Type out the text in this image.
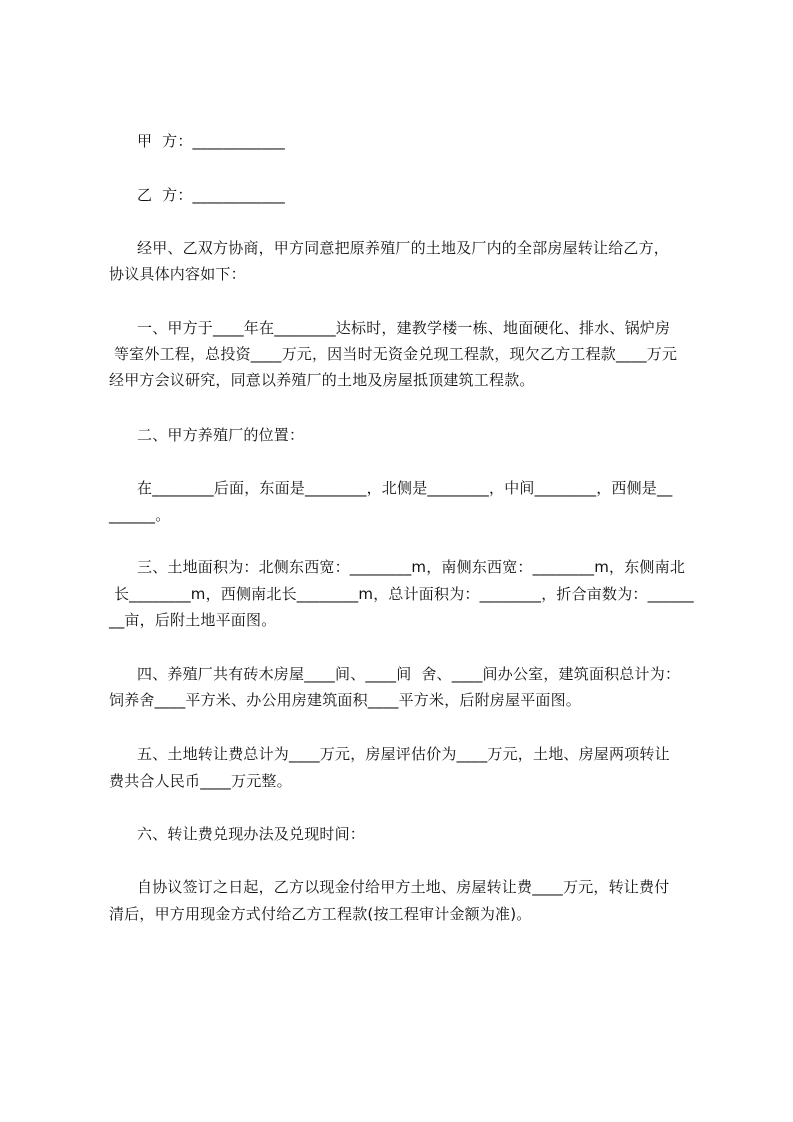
甲  方：____________
乙  方：____________
经甲、乙双方协商，甲方同意把原养殖厂的土地及厂内的全部房屋转让给乙方，
协议具体内容如下：
一、甲方于____年在________达标时，建教学楼一栋、地面硬化、排水、锅炉房
等室外工程，总投资____万元，因当时无资金兑现工程款，现欠乙方工程款____万元
经甲方会议研究，同意以养殖厂的土地及房屋抵顶建筑工程款。
二、甲方养殖厂的位置：
在________后面，东面是________，北侧是________，中间________，西侧是__
______。
三、土地面积为：北侧东西宽：________m，南侧东西宽：________m，东侧南北
长________m，西侧南北长________m，总计面积为：________，折合亩数为：______
__亩，后附土地平面图。
四、养殖厂共有砖木房屋____间、____间  舍、____间办公室，建筑面积总计为：
饲养舍____平方米、办公用房建筑面积____平方米，后附房屋平面图。
五、土地转让费总计为____万元，房屋评估价为____万元，土地、房屋两项转让
费共合人民币____万元整。
六、转让费兑现办法及兑现时间：
自协议签订之日起，乙方以现金付给甲方土地、房屋转让费____万元，转让费付
清后，甲方用现金方式付给乙方工程款(按工程审计金额为准)。
